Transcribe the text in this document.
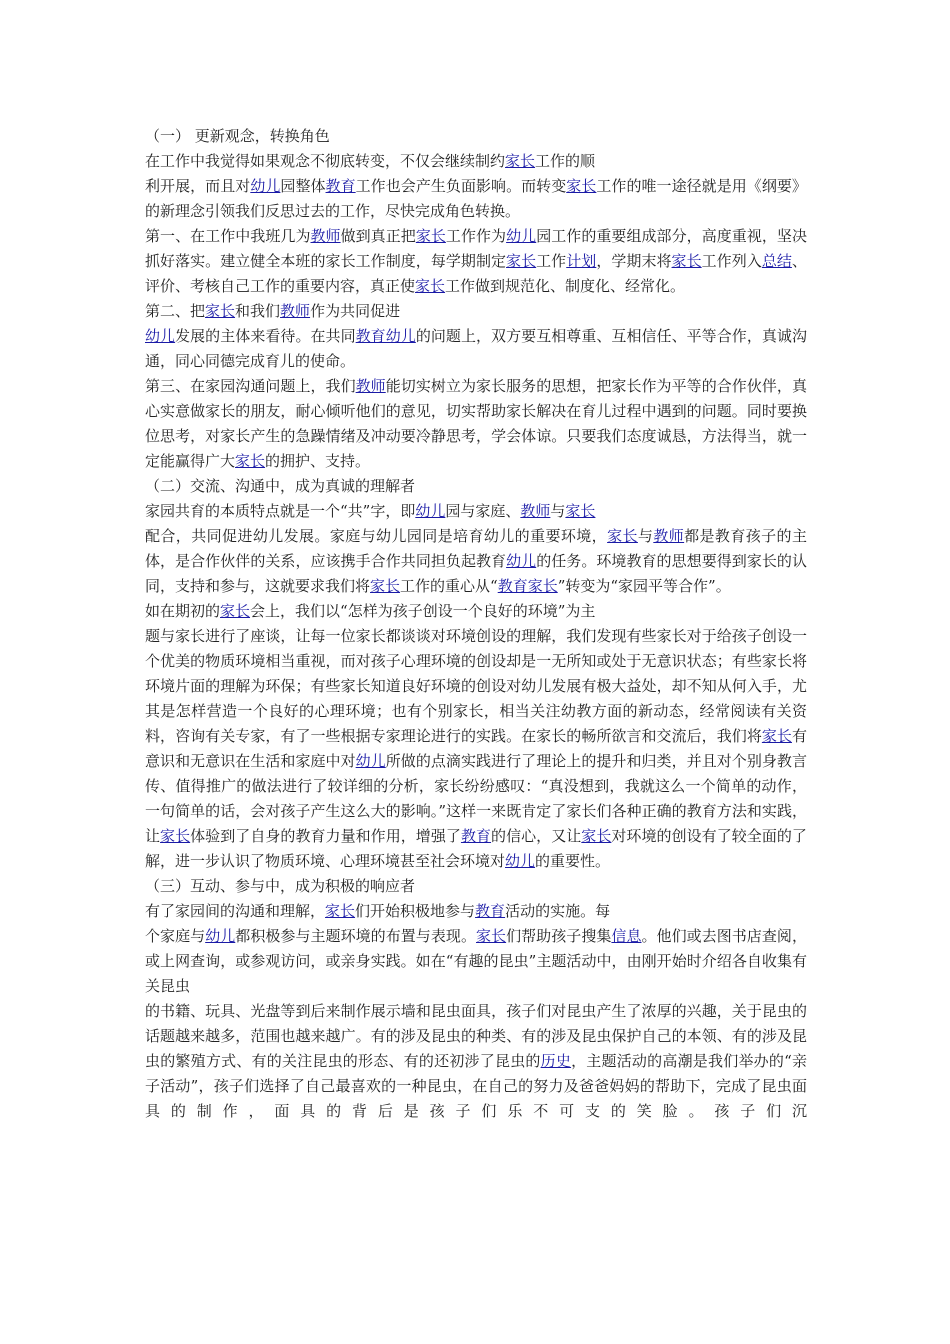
（一） 更新观念，转换角色

在工作中我觉得如果观念不彻底转变，不仅会继续制约家长工作的顺

利开展，而且对幼儿园整体教育工作也会产生负面影响。而转变家长工作的唯一途径就是用《纲要》的新理念引领我们反思过去的工作，尽快完成角色转换。

第一、在工作中我班几为教师做到真正把家长工作作为幼儿园工作的重要组成部分，高度重视，坚决抓好落实。建立健全本班的家长工作制度，每学期制定家长工作计划，学期末将家长工作列入总结、评价、考核自己工作的重要内容，真正使家长工作做到规范化、制度化、经常化。

第二、把家长和我们教师作为共同促进

幼儿发展的主体来看待。在共同教育幼儿的问题上，双方要互相尊重、互相信任、平等合作，真诚沟通，同心同德完成育儿的使命。

第三、在家园沟通问题上，我们教师能切实树立为家长服务的思想，把家长作为平等的合作伙伴，真心实意做家长的朋友，耐心倾听他们的意见，切实帮助家长解决在育儿过程中遇到的问题。同时要换位思考，对家长产生的急躁情绪及冲动要冷静思考，学会体谅。只要我们态度诚恳，方法得当，就一定能赢得广大家长的拥护、支持。

（二）交流、沟通中，成为真诚的理解者

家园共育的本质特点就是一个“共”字，即幼儿园与家庭、教师与家长

配合，共同促进幼儿发展。家庭与幼儿园同是培育幼儿的重要环境，家长与教师都是教育孩子的主体，是合作伙伴的关系，应该携手合作共同担负起教育幼儿的任务。环境教育的思想要得到家长的认同，支持和参与，这就要求我们将家长工作的重心从“教育家长”转变为“家园平等合作”。

如在期初的家长会上，我们以“怎样为孩子创设一个良好的环境”为主

题与家长进行了座谈，让每一位家长都谈谈对环境创设的理解，我们发现有些家长对于给孩子创设一个优美的物质环境相当重视，而对孩子心理环境的创设却是一无所知或处于无意识状态；有些家长将环境片面的理解为环保；有些家长知道良好环境的创设对幼儿发展有极大益处，却不知从何入手，尤其是怎样营造一个良好的心理环境；也有个别家长，相当关注幼教方面的新动态，经常阅读有关资料，咨询有关专家，有了一些根据专家理论进行的实践。在家长的畅所欲言和交流后，我们将家长有意识和无意识在生活和家庭中对幼儿所做的点滴实践进行了理论上的提升和归类，并且对个别身教言传、值得推广的做法进行了较详细的分析，家长纷纷感叹：“真没想到，我就这么一个简单的动作，一句简单的话，会对孩子产生这么大的影响。”这样一来既肯定了家长们各种正确的教育方法和实践，让家长体验到了自身的教育力量和作用，增强了教育的信心，又让家长对环境的创设有了较全面的了解，进一步认识了物质环境、心理环境甚至社会环境对幼儿的重要性。

（三）互动、参与中，成为积极的响应者

有了家园间的沟通和理解，家长们开始积极地参与教育活动的实施。每

个家庭与幼儿都积极参与主题环境的布置与表现。家长们帮助孩子搜集信息。他们或去图书店查阅，或上网查询，或参观访问，或亲身实践。如在“有趣的昆虫”主题活动中，由刚开始时介绍各自收集有关昆虫

的书籍、玩具、光盘等到后来制作展示墙和昆虫面具，孩子们对昆虫产生了浓厚的兴趣，关于昆虫的话题越来越多，范围也越来越广。有的涉及昆虫的种类、有的涉及昆虫保护自己的本领、有的涉及昆虫的繁殖方式、有的关注昆虫的形态、有的还初涉了昆虫的历史，主题活动的高潮是我们举办的“亲子活动”，孩子们选择了自己最喜欢的一种昆虫，在自己的努力及爸爸妈妈的帮助下，完成了昆虫面具的制作，面具的背后是孩子们乐不可支的笑脸。孩子们沉
